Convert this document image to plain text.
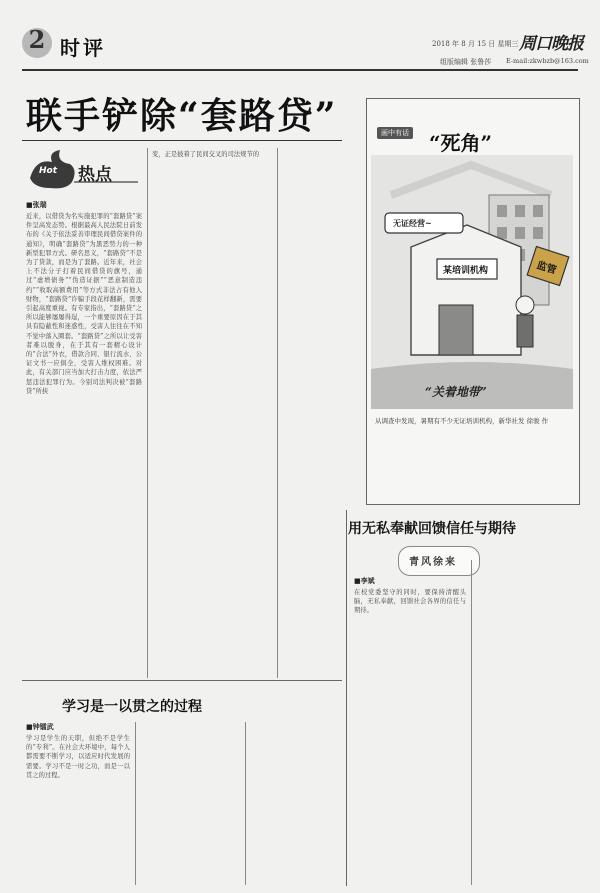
2 时评	2018 年 8 月 15 日 星期三 周口晚报
组版编辑 张鲁莎 E-mail:zkwbzb@163.com
联手铲除“套路贷”
Hot 热点
■张瑞
近来，以借贷为名实施犯罪的“套路贷”案件呈高发态势。根据最高人民法院日前发布的《关于依法妥善审理民间借贷案件的通知》，明确“套路贷”为黑恶势力的一种新型犯罪方式。研名思义，“套路贷”不是为了贷款，而是为了套路。近年来，社会上不法分子打着民间借贷的旗号，通过“虚增债务”“伪造证据”“恶意制造违约”“收取高额费用”等方式非法占有他人财物，“套路贷”诈骗手段花样翻新，需要引起高度重视。有专家指出，“套路贷”之所以能够屡屡得逞，一个重要原因在于其具有隐蔽性和迷惑性，受害人往往在不知不觉中落入圈套。“套路贷”之所以让受害者难以脱身，在于其有一套精心设计的“合法”外衣，借款合同、银行流水、公证文书一应俱全，受害人维权困难。对此，有关部门应当加大打击力度，依法严惩违法犯罪行为。今别司法判决被“套路贷”所挟
变，正是披着了民间交叉的司法规节的
画中有话 “死角”
无证经营~
某培训机构	监管
“关着地带”
从调查中发现，暑期有不少无证培训机构，新华社发 徐骏 作
用无私奉献回馈信任与期待
青风徐来
■李斌
在校党委坚守的同时，要保持清醒头脑，无私奉献，回馈社会各界的信任与期待。
学习是一以贯之的过程
■钟镭武
学习是学生的天职，但绝不是学生的“专利”。在社会大环境中，每个人都需要不断学习，以适应时代发展的需要。学习不是一时之功，而是一以贯之的过程。
